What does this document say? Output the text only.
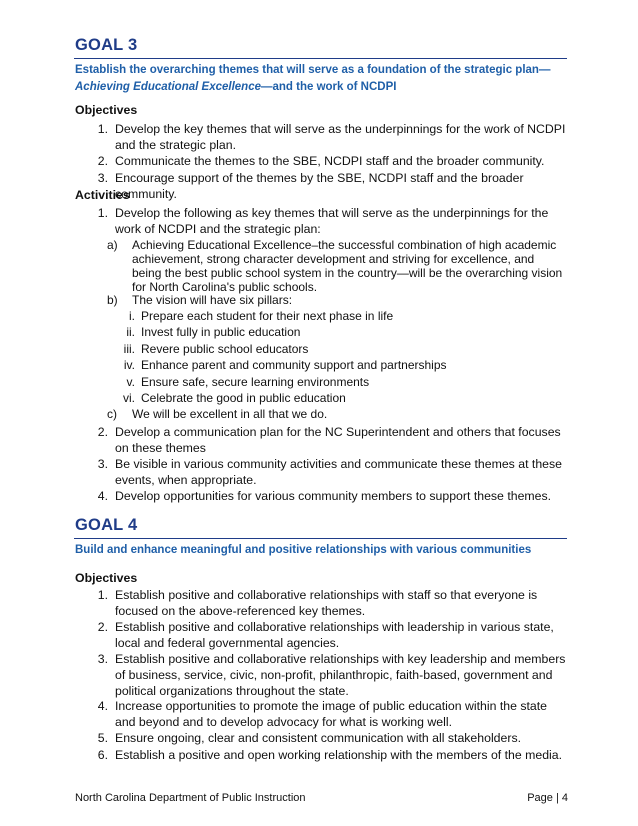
GOAL 3
Establish the overarching themes that will serve as a foundation of the strategic plan—Achieving Educational Excellence—and the work of NCDPI
Objectives
1. Develop the key themes that will serve as the underpinnings for the work of NCDPI and the strategic plan.
2. Communicate the themes to the SBE, NCDPI staff and the broader community.
3. Encourage support of the themes by the SBE, NCDPI staff and the broader community.
Activities
1. Develop the following as key themes that will serve as the underpinnings for the work of NCDPI and the strategic plan:
a)	Achieving Educational Excellence–the successful combination of high academic achievement, strong character development and striving for excellence, and being the best public school system in the country—will be the overarching vision for North Carolina's public schools.
b)	The vision will have six pillars:
i. Prepare each student for their next phase in life
ii. Invest fully in public education
iii. Revere public school educators
iv. Enhance parent and community support and partnerships
v. Ensure safe, secure learning environments
vi. Celebrate the good in public education
c)	We will be excellent in all that we do.
2. Develop a communication plan for the NC Superintendent and others that focuses on these themes
3. Be visible in various community activities and communicate these themes at these events, when appropriate.
4. Develop opportunities for various community members to support these themes.
GOAL 4
Build and enhance meaningful and positive relationships with various communities
Objectives
1. Establish positive and collaborative relationships with staff so that everyone is focused on the above-referenced key themes.
2. Establish positive and collaborative relationships with leadership in various state, local and federal governmental agencies.
3. Establish positive and collaborative relationships with key leadership and members of business, service, civic, non-profit, philanthropic, faith-based, government and political organizations throughout the state.
4. Increase opportunities to promote the image of public education within the state and beyond and to develop advocacy for what is working well.
5. Ensure ongoing, clear and consistent communication with all stakeholders.
6. Establish a positive and open working relationship with the members of the media.
North Carolina Department of Public Instruction	Page | 4
